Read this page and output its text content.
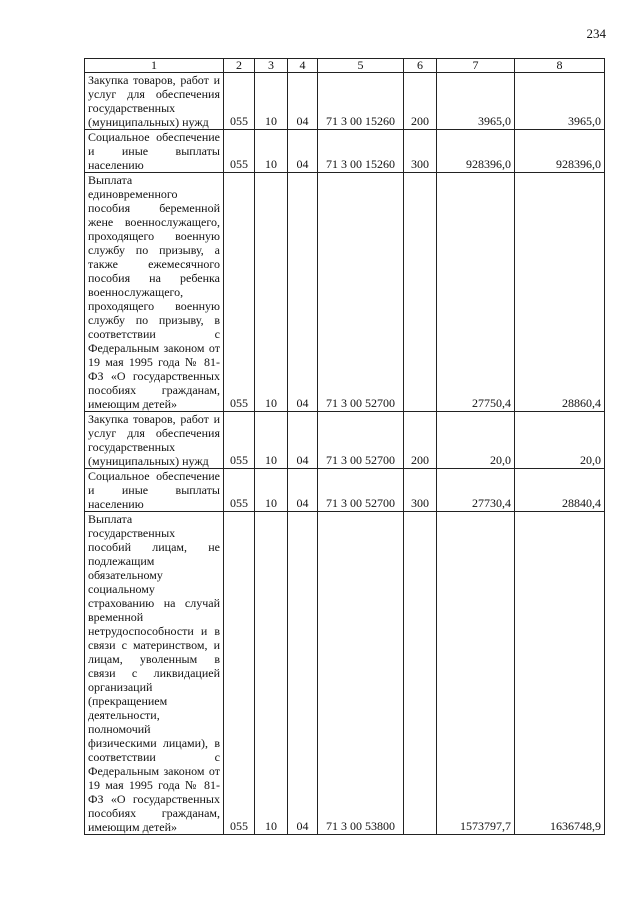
234
1	2	3	4	5	6	7	8
Закупка товаров, работ и услуг для обеспечения государственных (муниципальных) нужд	055	10	04	71 3 00 15260	200	3965,0	3965,0
Социальное обеспечение и иные выплаты населению	055	10	04	71 3 00 15260	300	928396,0	928396,0
Выплата единовременного пособия беременной жене военнослужащего, проходящего военную службу по призыву, а также ежемесячного пособия на ребенка военнослужащего, проходящего военную службу по призыву, в соответствии с Федеральным законом от 19 мая 1995 года № 81-ФЗ «О государственных пособиях гражданам, имеющим детей»	055	10	04	71 3 00 52700		27750,4	28860,4
Закупка товаров, работ и услуг для обеспечения государственных (муниципальных) нужд	055	10	04	71 3 00 52700	200	20,0	20,0
Социальное обеспечение и иные выплаты населению	055	10	04	71 3 00 52700	300	27730,4	28840,4
Выплата государственных пособий лицам, не подлежащим обязательному социальному страхованию на случай временной нетрудоспособности и в связи с материнством, и лицам, уволенным в связи с ликвидацией организаций (прекращением деятельности, полномочий физическими лицами), в соответствии с Федеральным законом от 19 мая 1995 года № 81-ФЗ «О государственных пособиях гражданам, имеющим детей»	055	10	04	71 3 00 53800		1573797,7	1636748,9
